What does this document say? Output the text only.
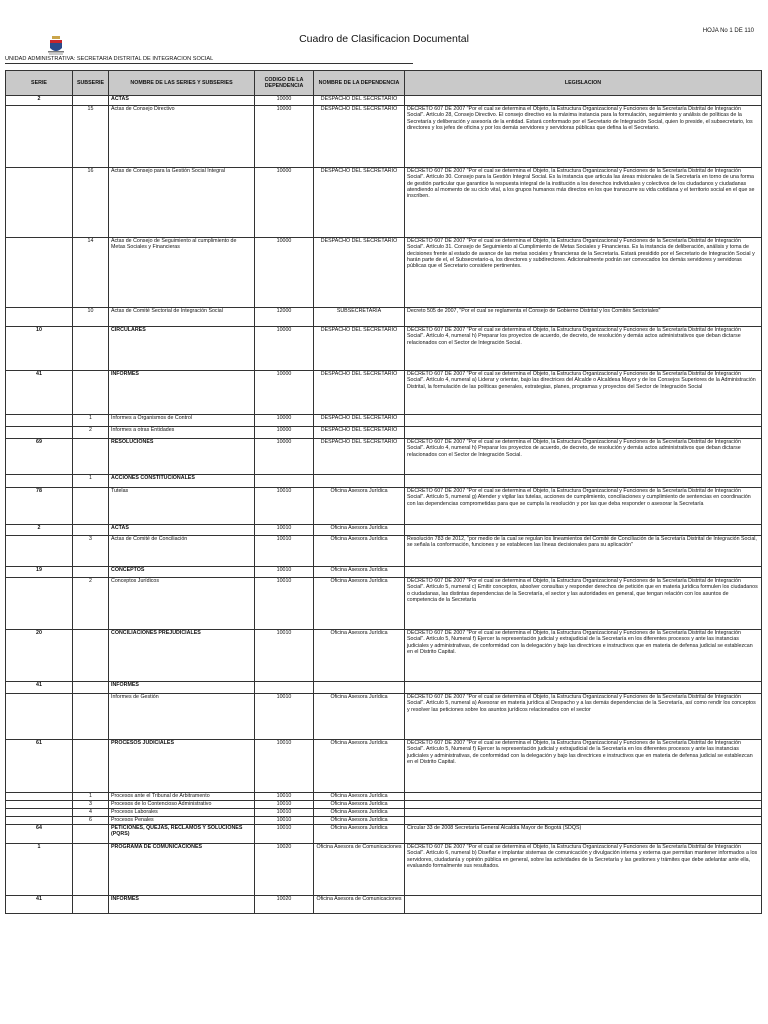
Cuadro de Clasificacion Documental
HOJA No 1 DE 110
UNIDAD ADMINISTRATIVA: SECRETARIA DISTRITAL DE INTEGRACION SOCIAL
SERIE	SUBSERIE	NOMBRE DE LAS SERIES Y SUBSERIES	CODIGO DE LA DEPENDENCIA	NOMBRE DE LA DEPENDENCIA	LEGISLACION
2		ACTAS	10000	DESPACHO DEL SECRETARIO	
	15	Actas de Consejo Directivo	10000	DESPACHO DEL SECRETARIO	DECRETO 607 DE 2007 "Por el cual se determina el Objeto, la Estructura Organizacional y Funciones de la Secretaría Distrital de Integración Social". Artículo 28, Consejo Directivo. El consejo directivo es la máxima instancia para la formulación, seguimiento y análisis de políticas de la Secretaría y deliberación y asesoría de la entidad. Estará conformado por el Secretario de Integración Social, quien lo preside, el subsecretario, los directores y los jefes de oficina y por los demás servidores y servidoras públicas que defina la el Secretario.
	16	Actas de Consejo para la Gestión Social Integral	10000	DESPACHO DEL SECRETARIO	DECRETO 607 DE 2007 "Por el cual se determina el Objeto, la Estructura Organizacional y Funciones de la Secretaría Distrital de Integración Social". Artículo 30. Consejo para la Gestión Integral Social. Es la instancia que articula las áreas misionales de la Secretaría en torno de una forma de gestión particular que garantice la respuesta integral de la institución a los derechos individuales y colectivos de los ciudadanos y ciudadanas atendiendo al momento de su ciclo vital, a los grupos humanos más directos en los que transcurre su vida cotidiana y el territorio social en el que se inscriben.
	14	Actas de Consejo de Seguimiento al cumplimiento de Metas Sociales y Financieras	10000	DESPACHO DEL SECRETARIO	DECRETO 607 DE 2007 "Por el cual se determina el Objeto, la Estructura Organizacional y Funciones de la Secretaría Distrital de Integración Social". Artículo 31. Consejo de Seguimiento al Cumplimiento de Metas Sociales y Financieras. Es la instancia de deliberación, análisis y toma de decisiones frente al estado de avance de las metas sociales y financieras de la Secretaría. Estará presidido por el Secretario de Integración Social y harán parte de el, el Subsecretario-a, los directores y subdirectores. Adicionalmente podrán ser convocados los demás servidores y servidoras públicas que el Secretario considere pertinentes.
	10	Actas de Comité Sectorial de Integración Social	12000	SUBSECRETARIA	Decreto 505 de 2007, "Por el cual se reglamenta el Consejo de Gobierno Distrital y los Comités Sectoriales"
10		CIRCULARES	10000	DESPACHO DEL SECRETARIO	DECRETO 607 DE 2007 "Por el cual se determina el Objeto, la Estructura Organizacional y Funciones de la Secretaría Distrital de Integración Social". Artículo 4, numeral h) Preparar los proyectos de acuerdo, de decreto, de resolución y demás actos administrativos que deban dictarse relacionados con el Sector de Integración Social.
41		INFORMES	10000	DESPACHO DEL SECRETARIO	DECRETO 607 DE 2007 "Por el cual se determina el Objeto, la Estructura Organizacional y Funciones de la Secretaría Distrital de Integración Social". Artículo 4, numeral a) Liderar y orientar, bajo las directrices del Alcalde o Alcaldesa Mayor y de los Consejos Superiores de la Administración Distrital, la formulación de las políticas generales, estrategias, planes, programas y proyectos del Sector de Integración Social
	1	Informes a Organismos de Control	10000	DESPACHO DEL SECRETARIO	
	2	Informes a otras Entidades	10000	DESPACHO DEL SECRETARIO	
69		RESOLUCIONES	10000	DESPACHO DEL SECRETARIO	DECRETO 607 DE 2007 "Por el cual se determina el Objeto, la Estructura Organizacional y Funciones de la Secretaría Distrital de Integración Social". Artículo 4, numeral h) Preparar los proyectos de acuerdo, de decreto, de resolución y demás actos administrativos que deban dictarse relacionados con el Sector de Integración Social.
	1	ACCIONES CONSTITUCIONALES			
78		Tutelas	10010	Oficina Asesora Jurídica	DECRETO 607 DE 2007 "Por el cual se determina el Objeto, la Estructura Organizacional y Funciones de la Secretaría Distrital de Integración Social". Artículo 5, numeral g) Atender y vigilar las tutelas, acciones de cumplimiento, conciliaciones y cumplimiento de sentencias en coordinación con las dependencias comprometidas para que se cumpla la resolución y por las que deba responder o asesorar la Secretaría
2		ACTAS	10010	Oficina Asesora Jurídica	
	3	Actas de Comité de Conciliación	10010	Oficina Asesora Jurídica	Resolución 783 de 2012, "por medio de la cual se regulan los lineamientos del Comité de Conciliación de la Secretaría Distrital de Integración Social, se señala la conformación, funciones y se establecen las líneas decisionales para su aplicación"
19		CONCEPTOS	10010	Oficina Asesora Jurídica	
	2	Conceptos Jurídicos	10010	Oficina Asesora Jurídica	DECRETO 607 DE 2007 "Por el cual se determina el Objeto, la Estructura Organizacional y Funciones de la Secretaría Distrital de Integración Social". Artículo 5, numeral c) Emitir conceptos, absolver consultas y responder derechos de petición que en materia jurídica formulen los ciudadanos o ciudadanas, las distintas dependencias de la Secretaría, el sector y las autoridades en general, que tengan relación con los asuntos de competencia de la Secretaría
20		CONCILIACIONES PREJUDICIALES	10010	Oficina Asesora Jurídica	DECRETO 607 DE 2007 "Por el cual se determina el Objeto, la Estructura Organizacional y Funciones de la Secretaría Distrital de Integración Social". Artículo 5, Numeral f) Ejercer la representación judicial y extrajudicial de la Secretaría en los diferentes procesos y ante las instancias judiciales y administrativas, de conformidad con la delegación y bajo las directrices e instructivos que en materia de defensa judicial se establezcan en el Distrito Capital.
41		INFORMES			
		Informes de Gestión	10010	Oficina Asesora Jurídica	DECRETO 607 DE 2007 "Por el cual se determina el Objeto, la Estructura Organizacional y Funciones de la Secretaría Distrital de Integración Social". Artículo 5, numeral a) Asesorar en materia jurídica al Despacho y a las demás dependencias de la Secretaría, así como rendir los conceptos y resolver las peticiones sobre los asuntos jurídicos relacionados con el sector
61		PROCESOS JUDICIALES	10010	Oficina Asesora Jurídica	DECRETO 607 DE 2007 "Por el cual se determina el Objeto, la Estructura Organizacional y Funciones de la Secretaría Distrital de Integración Social". Artículo 5, Numeral f) Ejercer la representación judicial y extrajudicial de la Secretaría en los diferentes procesos y ante las instancias judiciales y administrativas, de conformidad con la delegación y bajo las directrices e instructivos que en materia de defensa judicial se establezcan en el Distrito Capital.
	1	Procesos ante el Tribunal de Arbitramento	10010	Oficina Asesora Jurídica	
	3	Procesos de lo Contencioso Administrativo	10010	Oficina Asesora Jurídica	
	4	Procesos Laborales	10010	Oficina Asesora Jurídica	
	6	Procesos Penales	10010	Oficina Asesora Jurídica	
64		PETICIONES, QUEJAS, RECLAMOS Y SOLUCIONES (PQRS)	10010	Oficina Asesora Jurídica	Circular 33 de 2008 Secretaría General Alcaldía Mayor de Bogotá (SDQS)
1		PROGRAMA DE COMUNICACIONES	10020	Oficina Asesora de Comunicaciones	DECRETO 607 DE 2007 "Por el cual se determina el Objeto, la Estructura Organizacional y Funciones de la Secretaría Distrital de Integración Social". Artículo 6, numeral b) Diseñar e implantar sistemas de comunicación y divulgación interna y externa que permitan mantener informados a los servidores, ciudadanía y opinión pública en general, sobre las actividades de la Secretaría y las gestiones y trámites que debe adelantar ante ella, evaluando formalmente sus resultados.
41		INFORMES	10020	Oficina Asesora de Comunicaciones	
